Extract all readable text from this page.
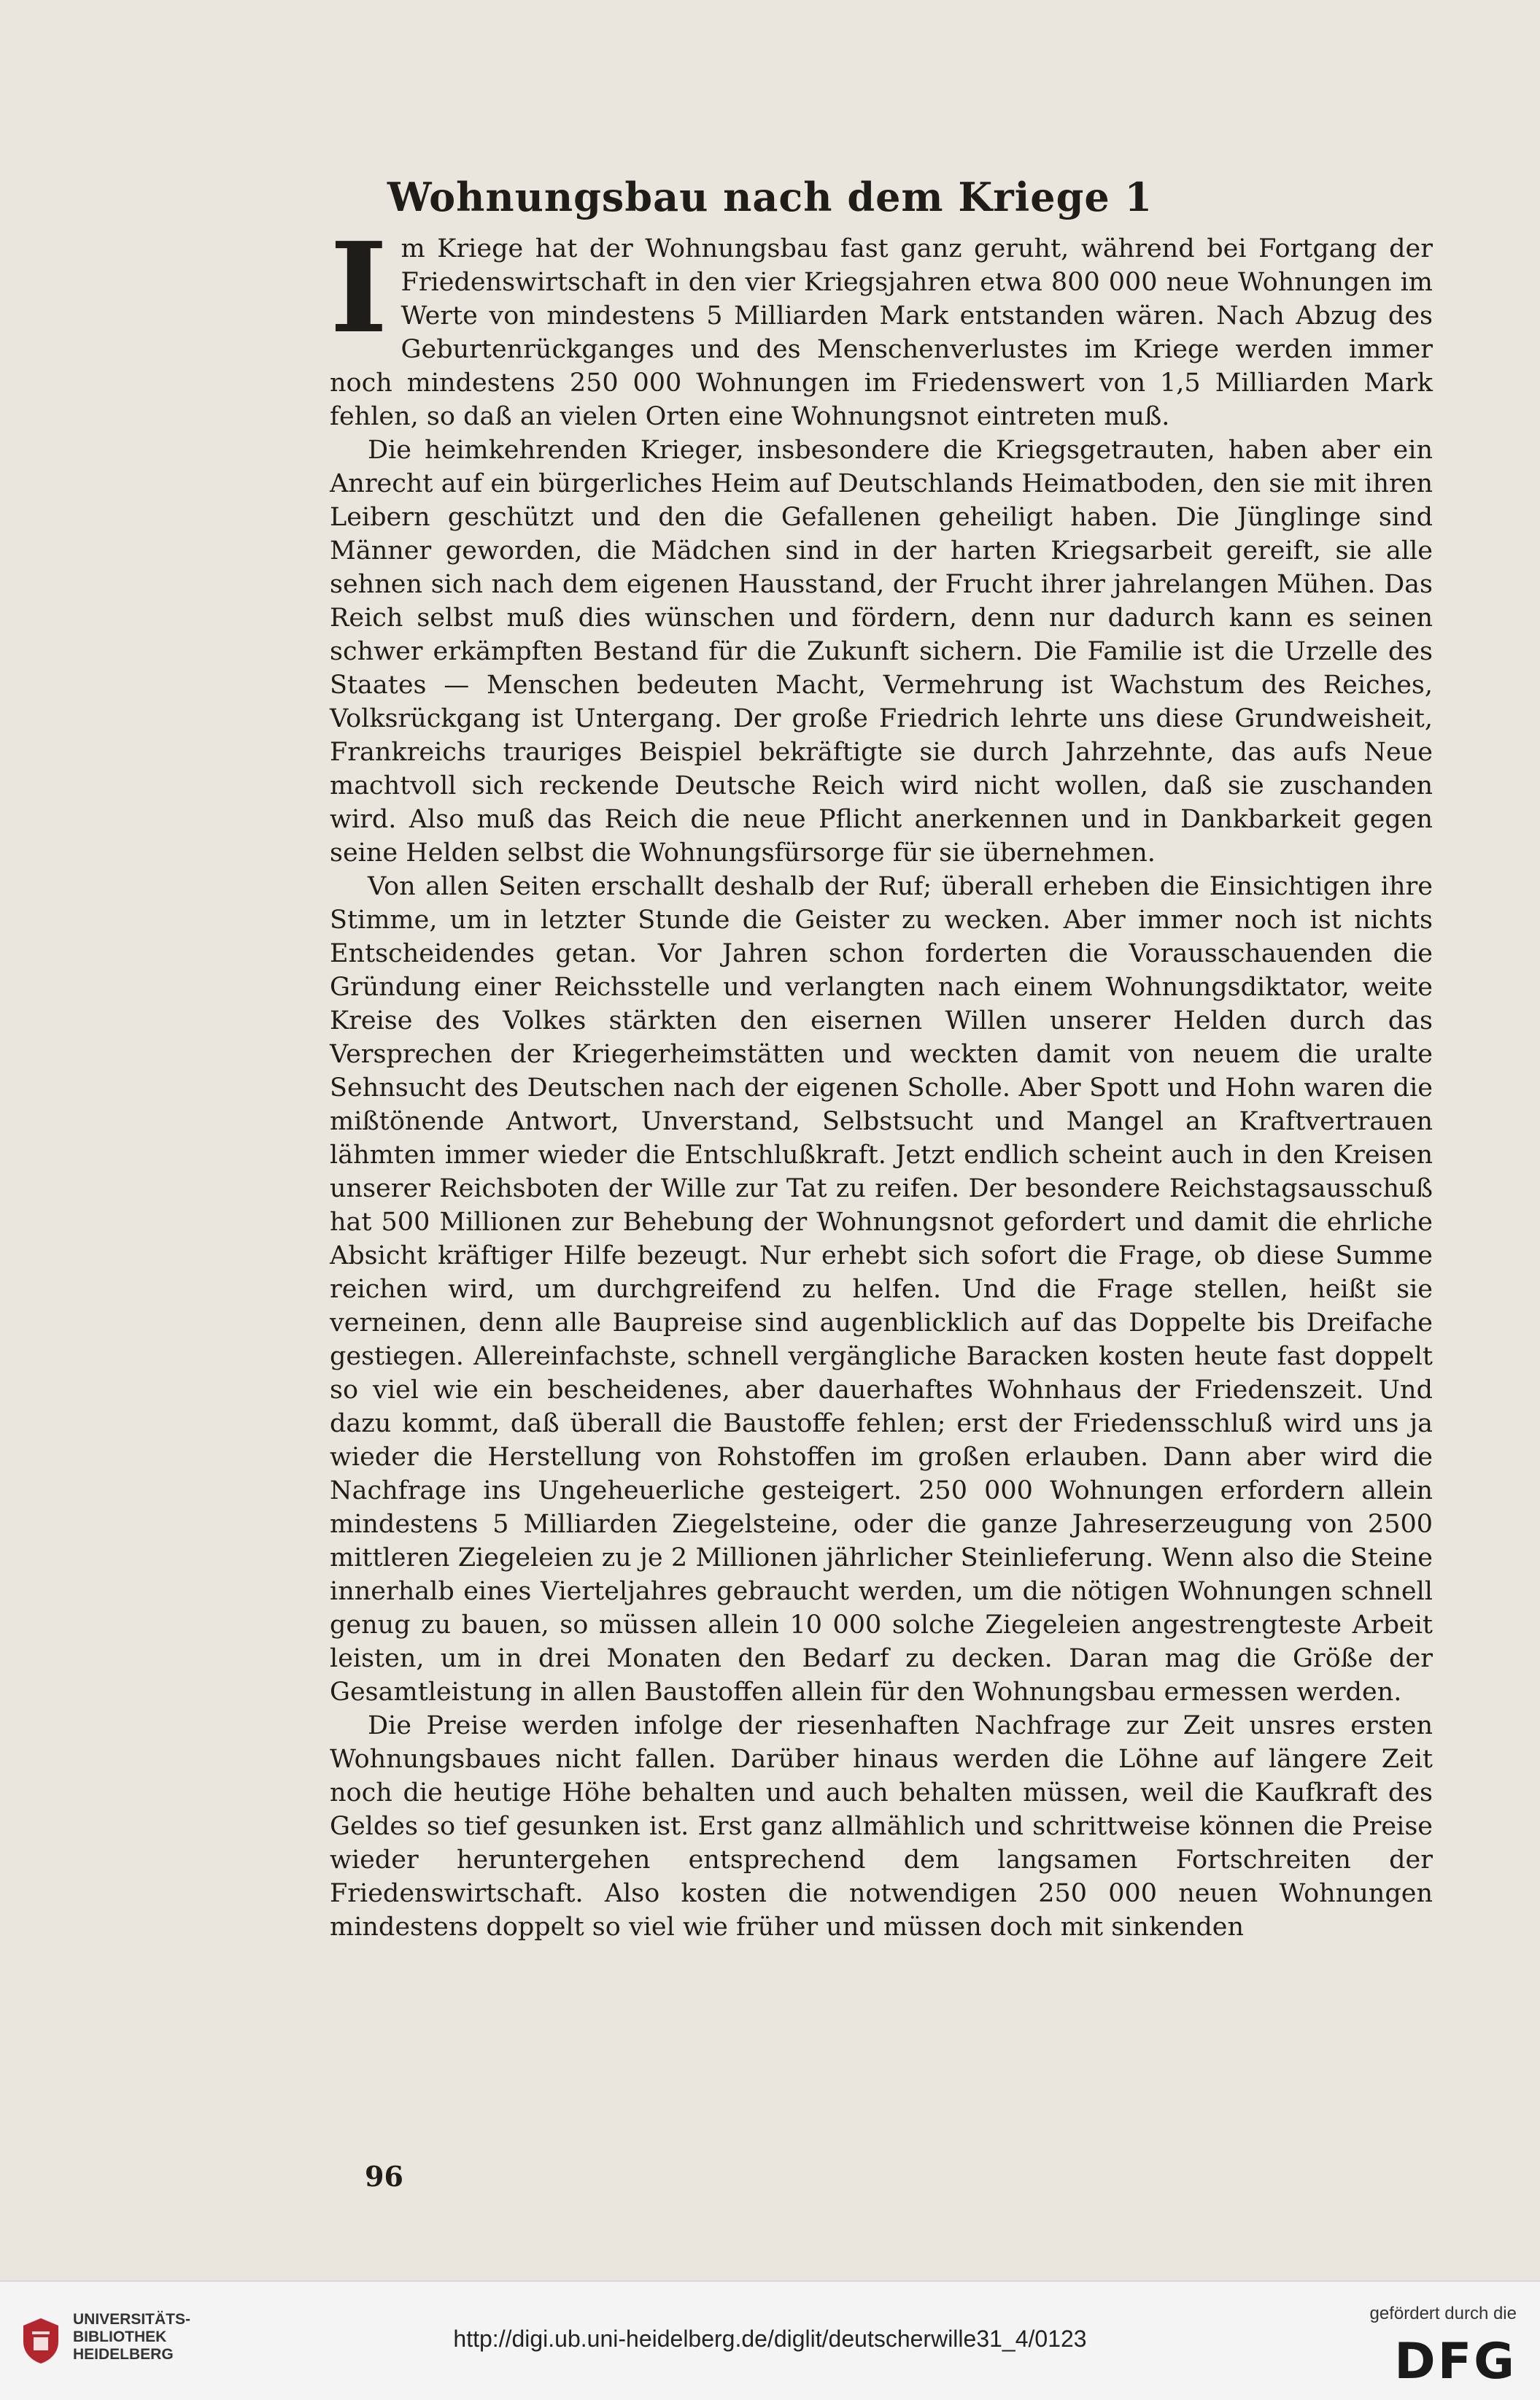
Wohnungsbau nach dem Kriege 1

Im Kriege hat der Wohnungsbau fast ganz geruht, während bei Fortgang der Friedenswirtschaft in den vier Kriegsjahren etwa 800 000 neue Wohnungen im Werte von mindestens 5 Milliarden Mark entstanden wären. Nach Abzug des Geburtenrückganges und des Menschenverlustes im Kriege werden immer noch mindestens 250 000 Wohnungen im Friedenswert von 1,5 Milliarden Mark fehlen, so daß an vielen Orten eine Wohnungsnot eintreten muß.

Die heimkehrenden Krieger, insbesondere die Kriegsgetrauten, haben aber ein Anrecht auf ein bürgerliches Heim auf Deutschlands Heimatboden, den sie mit ihren Leibern geschützt und den die Gefallenen geheiligt haben. Die Jünglinge sind Männer geworden, die Mädchen sind in der harten Kriegsarbeit gereift, sie alle sehnen sich nach dem eigenen Hausstand, der Frucht ihrer jahrelangen Mühen. Das Reich selbst muß dies wünschen und fördern, denn nur dadurch kann es seinen schwer erkämpften Bestand für die Zukunft sichern. Die Familie ist die Urzelle des Staates — Menschen bedeuten Macht, Vermehrung ist Wachstum des Reiches, Volksrückgang ist Untergang. Der große Friedrich lehrte uns diese Grundweisheit, Frankreichs trauriges Beispiel bekräftigte sie durch Jahrzehnte, das aufs Neue machtvoll sich reckende Deutsche Reich wird nicht wollen, daß sie zuschanden wird. Also muß das Reich die neue Pflicht anerkennen und in Dankbarkeit gegen seine Helden selbst die Wohnungsfürsorge für sie übernehmen.

Von allen Seiten erschallt deshalb der Ruf; überall erheben die Einsichtigen ihre Stimme, um in letzter Stunde die Geister zu wecken. Aber immer noch ist nichts Entscheidendes getan. Vor Jahren schon forderten die Vorausschauenden die Gründung einer Reichsstelle und verlangten nach einem Wohnungsdiktator, weite Kreise des Volkes stärkten den eisernen Willen unserer Helden durch das Versprechen der Kriegerheimstätten und weckten damit von neuem die uralte Sehnsucht des Deutschen nach der eigenen Scholle. Aber Spott und Hohn waren die mißtönende Antwort, Unverstand, Selbstsucht und Mangel an Kraftvertrauen lähmten immer wieder die Entschlußkraft. Jetzt endlich scheint auch in den Kreisen unserer Reichsboten der Wille zur Tat zu reifen. Der besondere Reichstagsausschuß hat 500 Millionen zur Behebung der Wohnungsnot gefordert und damit die ehrliche Absicht kräftiger Hilfe bezeugt. Nur erhebt sich sofort die Frage, ob diese Summe reichen wird, um durchgreifend zu helfen. Und die Frage stellen, heißt sie verneinen, denn alle Baupreise sind augenblicklich auf das Doppelte bis Dreifache gestiegen. Allereinfachste, schnell vergängliche Baracken kosten heute fast doppelt so viel wie ein bescheidenes, aber dauerhaftes Wohnhaus der Friedenszeit. Und dazu kommt, daß überall die Baustoffe fehlen; erst der Friedensschluß wird uns ja wieder die Herstellung von Rohstoffen im großen erlauben. Dann aber wird die Nachfrage ins Ungeheuerliche gesteigert. 250 000 Wohnungen erfordern allein mindestens 5 Milliarden Ziegelsteine, oder die ganze Jahreserzeugung von 2500 mittleren Ziegeleien zu je 2 Millionen jährlicher Steinlieferung. Wenn also die Steine innerhalb eines Vierteljahres gebraucht werden, um die nötigen Wohnungen schnell genug zu bauen, so müssen allein 10 000 solche Ziegeleien angestrengteste Arbeit leisten, um in drei Monaten den Bedarf zu decken. Daran mag die Größe der Gesamtleistung in allen Baustoffen allein für den Wohnungsbau ermessen werden.

Die Preise werden infolge der riesenhaften Nachfrage zur Zeit unsres ersten Wohnungsbaues nicht fallen. Darüber hinaus werden die Löhne auf längere Zeit noch die heutige Höhe behalten und auch behalten müssen, weil die Kaufkraft des Geldes so tief gesunken ist. Erst ganz allmählich und schrittweise können die Preise wieder heruntergehen entsprechend dem langsamen Fortschreiten der Friedenswirtschaft. Also kosten die notwendigen 250 000 neuen Wohnungen mindestens doppelt so viel wie früher und müssen doch mit sinkenden

96
UNIVERSITÄTS-
BIBLIOTHEK
HEIDELBERG
http://digi.ub.uni-heidelberg.de/diglit/deutscherwille31_4/0123
gefördert durch die
DFG
